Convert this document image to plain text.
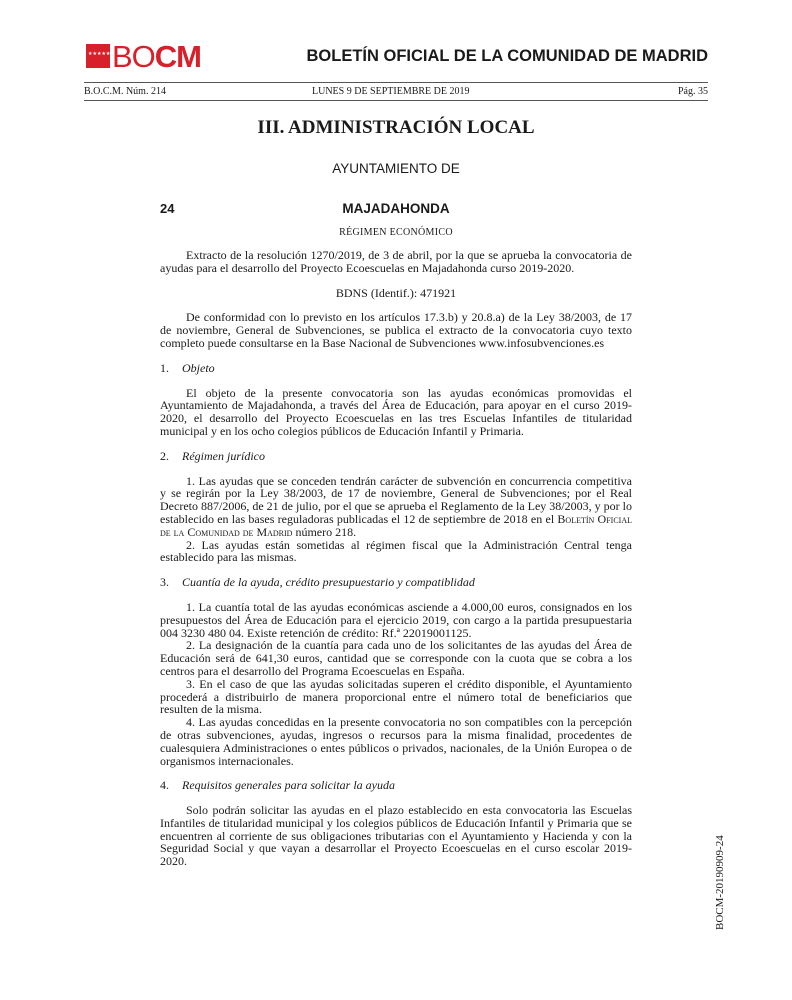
★★★★★★★
BOCM	BOLETÍN OFICIAL DE LA COMUNIDAD DE MADRID
B.O.C.M. Núm. 214	LUNES 9 DE SEPTIEMBRE DE 2019	Pág. 35
III. ADMINISTRACIÓN LOCAL
AYUNTAMIENTO DE
24	MAJADAHONDA
RÉGIMEN ECONÓMICO

Extracto de la resolución 1270/2019, de 3 de abril, por la que se aprueba la convocatoria de ayudas para el desarrollo del Proyecto Ecoescuelas en Majadahonda curso 2019-2020.

BDNS (Identif.): 471921

De conformidad con lo previsto en los artículos 17.3.b) y 20.8.a) de la Ley 38/2003, de 17 de noviembre, General de Subvenciones, se publica el extracto de la convocatoria cuyo texto completo puede consultarse en la Base Nacional de Subvenciones www.infosubvenciones.es

1. Objeto

El objeto de la presente convocatoria son las ayudas económicas promovidas el Ayuntamiento de Majadahonda, a través del Área de Educación, para apoyar en el curso 2019-2020, el desarrollo del Proyecto Ecoescuelas en las tres Escuelas Infantiles de titularidad municipal y en los ocho colegios públicos de Educación Infantil y Primaria.

2. Régimen jurídico

1. Las ayudas que se conceden tendrán carácter de subvención en concurrencia competitiva y se regirán por la Ley 38/2003, de 17 de noviembre, General de Subvenciones; por el Real Decreto 887/2006, de 21 de julio, por el que se aprueba el Reglamento de la Ley 38/2003, y por lo establecido en las bases reguladoras publicadas el 12 de septiembre de 2018 en el Boletín Oficial de la Comunidad de Madrid número 218.

2. Las ayudas están sometidas al régimen fiscal que la Administración Central tenga establecido para las mismas.

3. Cuantía de la ayuda, crédito presupuestario y compatiblidad

1. La cuantía total de las ayudas económicas asciende a 4.000,00 euros, consignados en los presupuestos del Área de Educación para el ejercicio 2019, con cargo a la partida presupuestaria 004 3230 480 04. Existe retención de crédito: Rf.ª 22019001125.

2. La designación de la cuantía para cada uno de los solicitantes de las ayudas del Área de Educación será de 641,30 euros, cantidad que se corresponde con la cuota que se cobra a los centros para el desarrollo del Programa Ecoescuelas en España.

3. En el caso de que las ayudas solicitadas superen el crédito disponible, el Ayuntamiento procederá a distribuirlo de manera proporcional entre el número total de beneficiarios que resulten de la misma.

4. Las ayudas concedidas en la presente convocatoria no son compatibles con la percepción de otras subvenciones, ayudas, ingresos o recursos para la misma finalidad, procedentes de cualesquiera Administraciones o entes públicos o privados, nacionales, de la Unión Europea o de organismos internacionales.

4. Requisitos generales para solicitar la ayuda

Solo podrán solicitar las ayudas en el plazo establecido en esta convocatoria las Escuelas Infantiles de titularidad municipal y los colegios públicos de Educación Infantil y Primaria que se encuentren al corriente de sus obligaciones tributarias con el Ayuntamiento y Hacienda y con la Seguridad Social y que vayan a desarrollar el Proyecto Ecoescuelas en el curso escolar 2019-2020.	BOCM-20190909-24
